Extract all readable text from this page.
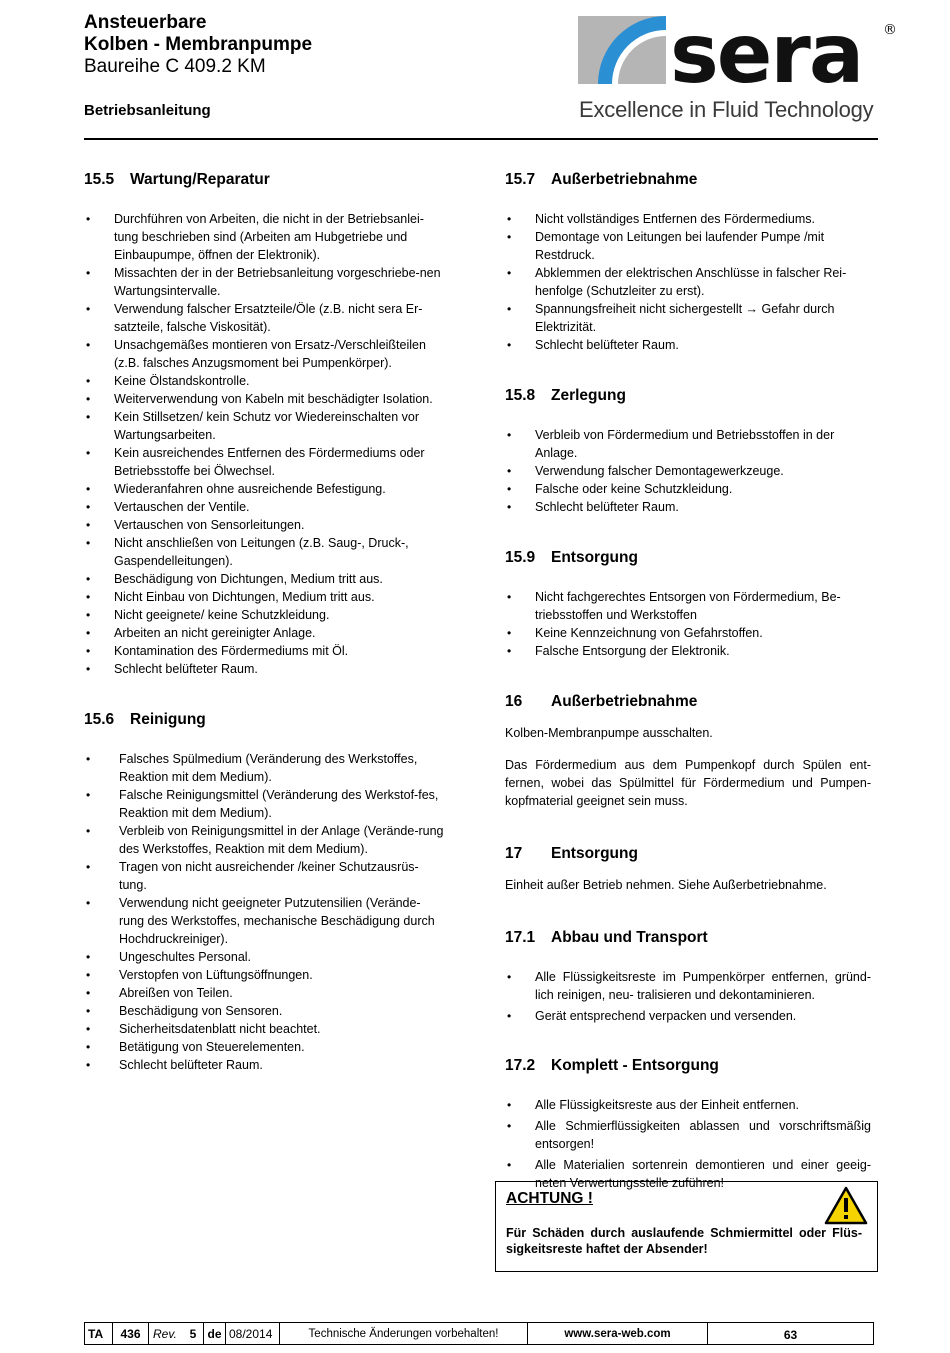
Ansteuerbare
Kolben - Membranpumpe
Baureihe C 409.2 KM
Betriebsanleitung
sera ®
Excellence in Fluid Technology
15.5 Wartung/Reparatur
• Durchführen von Arbeiten, die nicht in der Betriebsanlei-tung beschrieben sind (Arbeiten am Hubgetriebe und Einbaupumpe, öffnen der Elektronik).
• Missachten der in der Betriebsanleitung vorgeschriebe-nen Wartungsintervalle.
• Verwendung falscher Ersatzteile/Öle (z.B. nicht sera Er-satzteile, falsche Viskosität).
• Unsachgemäßes montieren von Ersatz-/Verschleißteilen (z.B. falsches Anzugsmoment bei Pumpenkörper).
• Keine Ölstandskontrolle.
• Weiterverwendung von Kabeln mit beschädigter Isolation.
• Kein Stillsetzen/ kein Schutz vor Wiedereinschalten vor Wartungsarbeiten.
• Kein ausreichendes Entfernen des Fördermediums oder Betriebsstoffe bei Ölwechsel.
• Wiederanfahren ohne ausreichende Befestigung.
• Vertauschen der Ventile.
• Vertauschen von Sensorleitungen.
• Nicht anschließen von Leitungen (z.B. Saug-, Druck-, Gaspendelleitungen).
• Beschädigung von Dichtungen, Medium tritt aus.
• Nicht Einbau von Dichtungen, Medium tritt aus.
• Nicht geeignete/ keine Schutzkleidung.
• Arbeiten an nicht gereinigter Anlage.
• Kontamination des Fördermediums mit Öl.
• Schlecht belüfteter Raum.
15.6 Reinigung
• Falsches Spülmedium (Veränderung des Werkstoffes, Reaktion mit dem Medium).
• Falsche Reinigungsmittel (Veränderung des Werkstof-fes, Reaktion mit dem Medium).
• Verbleib von Reinigungsmittel in der Anlage (Verände-rung des Werkstoffes, Reaktion mit dem Medium).
• Tragen von nicht ausreichender /keiner Schutzausrüs-tung.
• Verwendung nicht geeigneter Putzutensilien (Verände-rung des Werkstoffes, mechanische Beschädigung durch Hochdruckreiniger).
• Ungeschultes Personal.
• Verstopfen von Lüftungsöffnungen.
• Abreißen von Teilen.
• Beschädigung von Sensoren.
• Sicherheitsdatenblatt nicht beachtet.
• Betätigung von Steuerelementen.
• Schlecht belüfteter Raum.
15.7 Außerbetriebnahme
• Nicht vollständiges Entfernen des Fördermediums.
• Demontage von Leitungen bei laufender Pumpe /mit Restdruck.
• Abklemmen der elektrischen Anschlüsse in falscher Rei-henfolge (Schutzleiter zu erst).
• Spannungsfreiheit nicht sichergestellt → Gefahr durch Elektrizität.
• Schlecht belüfteter Raum.
15.8 Zerlegung
• Verbleib von Fördermedium und Betriebsstoffen in der Anlage.
• Verwendung falscher Demontagewerkzeuge.
• Falsche oder keine Schutzkleidung.
• Schlecht belüfteter Raum.
15.9 Entsorgung
• Nicht fachgerechtes Entsorgen von Fördermedium, Be-triebsstoffen und Werkstoffen
• Keine Kennzeichnung von Gefahrstoffen.
• Falsche Entsorgung der Elektronik.
16 Außerbetriebnahme

Kolben-Membranpumpe ausschalten.

Das Fördermedium aus dem Pumpenkopf durch Spülen ent-fernen, wobei das Spülmittel für Fördermedium und Pumpen-kopfmaterial geeignet sein muss.

17 Entsorgung

Einheit außer Betrieb nehmen. Siehe Außerbetriebnahme.

17.1 Abbau und Transport
• Alle Flüssigkeitsreste im Pumpenkörper entfernen, gründ-lich reinigen, neu- tralisieren und dekontaminieren.
• Gerät entsprechend verpacken und versenden.
17.2 Komplett - Entsorgung
• Alle Flüssigkeitsreste aus der Einheit entfernen.
• Alle Schmierflüssigkeiten ablassen und vorschriftsmäßig entsorgen!
• Alle Materialien sortenrein demontieren und einer geeig-neten Verwertungsstelle zuführen!
ACHTUNG !
Für Schäden durch auslaufende Schmiermittel oder Flüs-sigkeitsreste haftet der Absender!
TA	436	Rev.	5 de 08/2014	Technische Änderungen vorbehalten!	www.sera-web.com	63
